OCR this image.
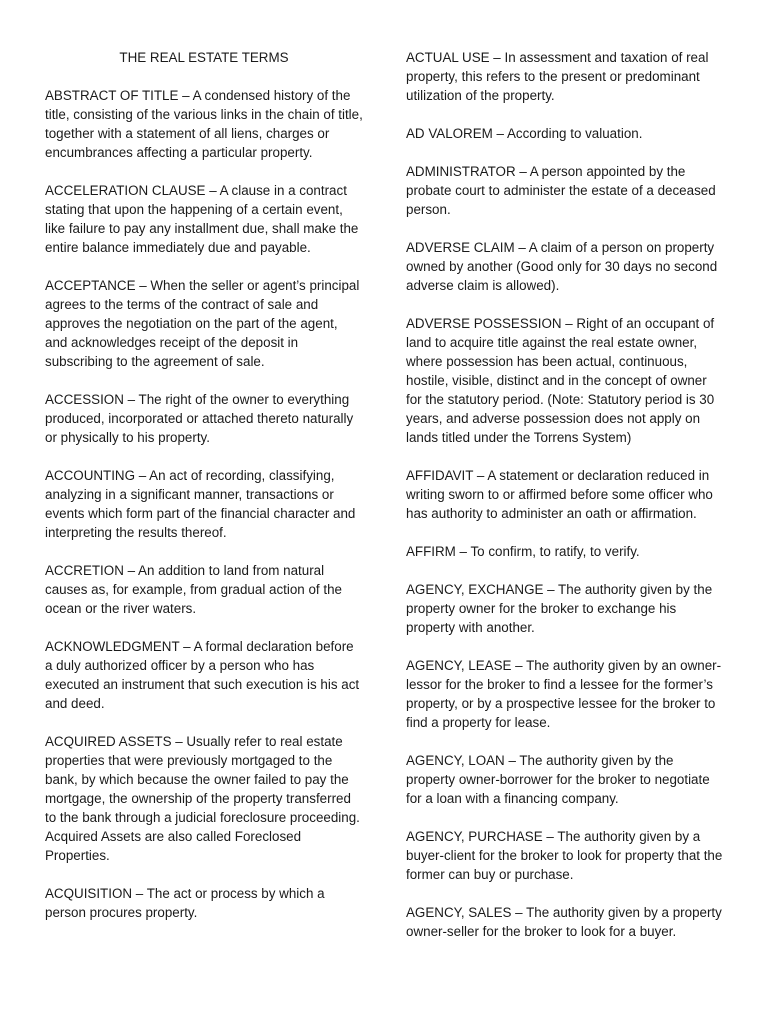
THE REAL ESTATE TERMS

ABSTRACT OF TITLE – A condensed history of the title, consisting of the various links in the chain of title, together with a statement of all liens, charges or encumbrances affecting a particular property.

ACCELERATION CLAUSE – A clause in a contract stating that upon the happening of a certain event, like failure to pay any installment due, shall make the entire balance immediately due and payable.

ACCEPTANCE – When the seller or agent’s principal agrees to the terms of the contract of sale and approves the negotiation on the part of the agent, and acknowledges receipt of the deposit in subscribing to the agreement of sale.

ACCESSION – The right of the owner to everything produced, incorporated or attached thereto naturally or physically to his property.

ACCOUNTING – An act of recording, classifying, analyzing in a significant manner, transactions or events which form part of the financial character and interpreting the results thereof.

ACCRETION – An addition to land from natural causes as, for example, from gradual action of the ocean or the river waters.

ACKNOWLEDGMENT – A formal declaration before a duly authorized officer by a person who has executed an instrument that such execution is his act and deed.

ACQUIRED ASSETS – Usually refer to real estate properties that were previously mortgaged to the bank, by which because the owner failed to pay the mortgage, the ownership of the property transferred to the bank through a judicial foreclosure proceeding. Acquired Assets are also called Foreclosed Properties.

ACQUISITION – The act or process by which a person procures property.

ACTUAL USE – In assessment and taxation of real property, this refers to the present or predominant utilization of the property.

AD VALOREM – According to valuation.

ADMINISTRATOR – A person appointed by the probate court to administer the estate of a deceased person.

ADVERSE CLAIM – A claim of a person on property owned by another (Good only for 30 days no second adverse claim is allowed).

ADVERSE POSSESSION – Right of an occupant of land to acquire title against the real estate owner, where possession has been actual, continuous, hostile, visible, distinct and in the concept of owner for the statutory period. (Note: Statutory period is 30 years, and adverse possession does not apply on lands titled under the Torrens System)

AFFIDAVIT – A statement or declaration reduced in writing sworn to or affirmed before some officer who has authority to administer an oath or affirmation.

AFFIRM – To confirm, to ratify, to verify.

AGENCY, EXCHANGE – The authority given by the property owner for the broker to exchange his property with another.

AGENCY, LEASE – The authority given by an owner-lessor for the broker to find a lessee for the former’s property, or by a prospective lessee for the broker to find a property for lease.

AGENCY, LOAN – The authority given by the property owner-borrower for the broker to negotiate for a loan with a financing company.

AGENCY, PURCHASE – The authority given by a buyer-client for the broker to look for property that the former can buy or purchase.

AGENCY, SALES – The authority given by a property owner-seller for the broker to look for a buyer.
